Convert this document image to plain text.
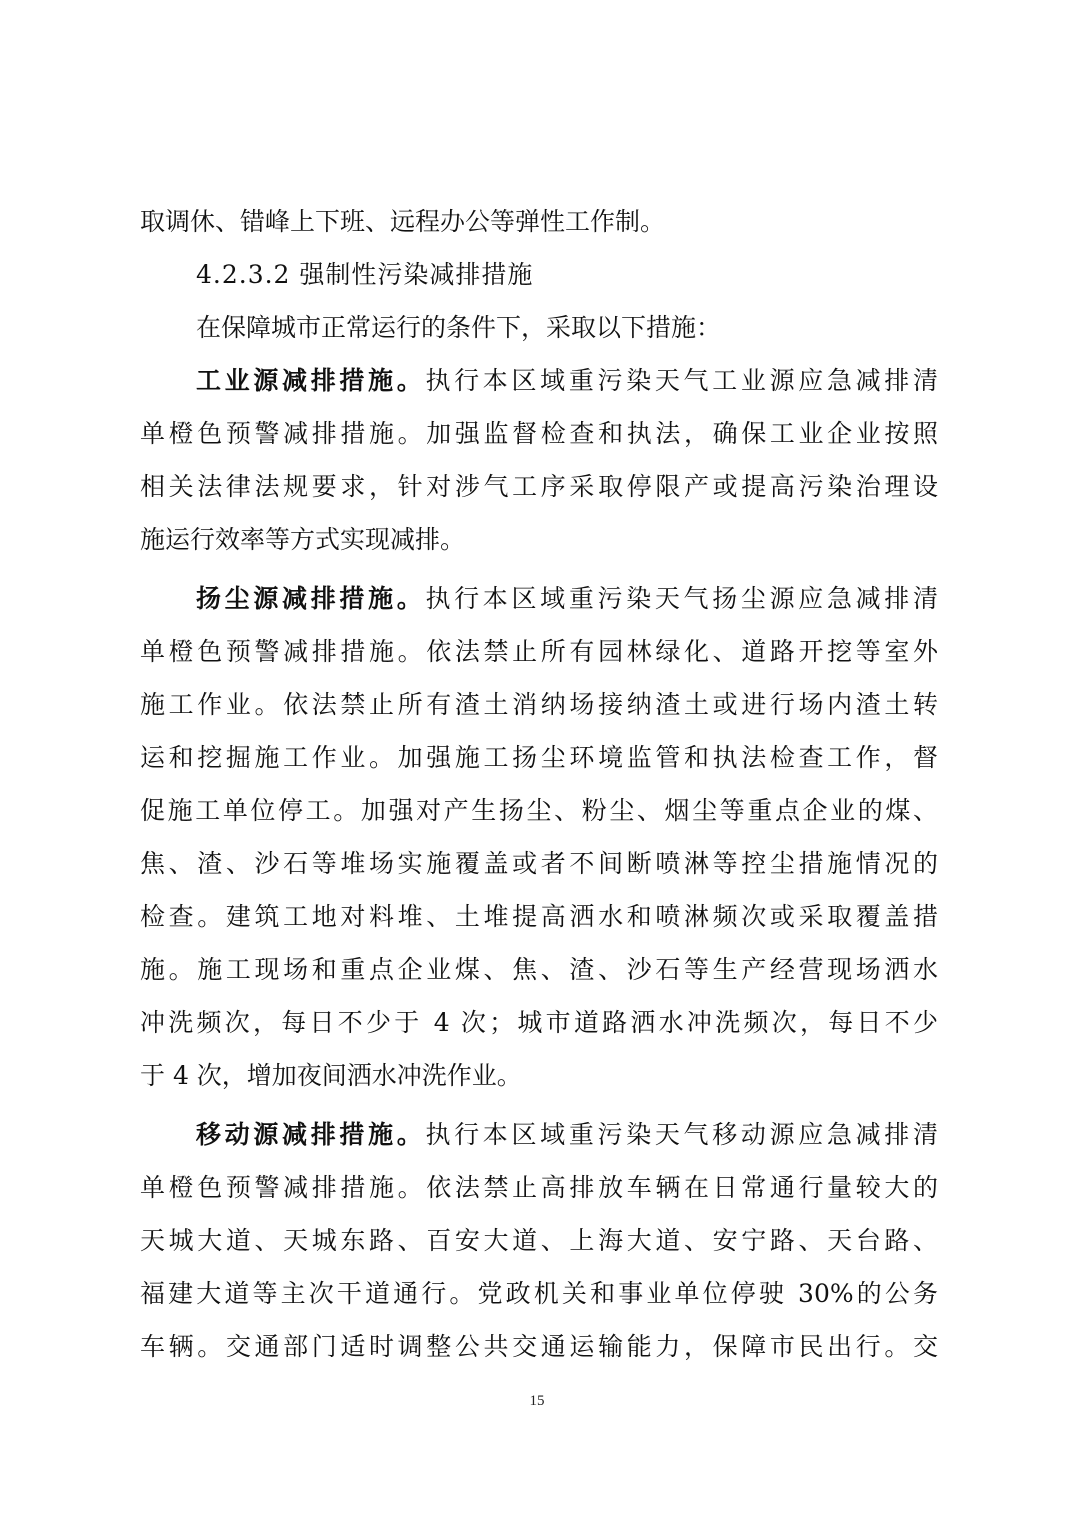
取调休、错峰上下班、远程办公等弹性工作制。
4.2.3.2 强制性污染减排措施
在保障城市正常运行的条件下，采取以下措施：
工业源减排措施。执行本区域重污染天气工业源应急减排清
单橙色预警减排措施。加强监督检查和执法，确保工业企业按照
相关法律法规要求，针对涉气工序采取停限产或提高污染治理设
施运行效率等方式实现减排。
扬尘源减排措施。执行本区域重污染天气扬尘源应急减排清
单橙色预警减排措施。依法禁止所有园林绿化、道路开挖等室外
施工作业。依法禁止所有渣土消纳场接纳渣土或进行场内渣土转
运和挖掘施工作业。加强施工扬尘环境监管和执法检查工作，督
促施工单位停工。加强对产生扬尘、粉尘、烟尘等重点企业的煤、
焦、渣、沙石等堆场实施覆盖或者不间断喷淋等控尘措施情况的
检查。建筑工地对料堆、土堆提高洒水和喷淋频次或采取覆盖措
施。施工现场和重点企业煤、焦、渣、沙石等生产经营现场洒水
冲洗频次，每日不少于 4 次；城市道路洒水冲洗频次，每日不少
于 4 次，增加夜间洒水冲洗作业。
移动源减排措施。执行本区域重污染天气移动源应急减排清
单橙色预警减排措施。依法禁止高排放车辆在日常通行量较大的
天城大道、天城东路、百安大道、上海大道、安宁路、天台路、
福建大道等主次干道通行。党政机关和事业单位停驶 30%的公务
车辆。交通部门适时调整公共交通运输能力，保障市民出行。交
15
